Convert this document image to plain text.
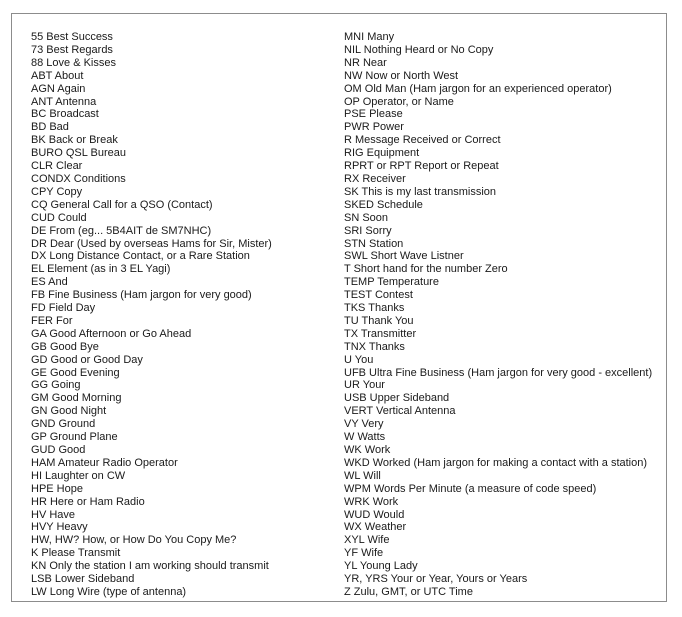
55 Best Success
73 Best Regards
88 Love & Kisses
ABT About
AGN Again
ANT Antenna
BC Broadcast
BD Bad
BK Back or Break
BURO QSL Bureau
CLR Clear
CONDX Conditions
CPY Copy
CQ General Call for a QSO (Contact)
CUD Could
DE From (eg... 5B4AIT de SM7NHC)
DR Dear (Used by overseas Hams for Sir, Mister)
DX Long Distance Contact, or a Rare Station
EL Element (as in 3 EL Yagi)
ES And
FB Fine Business (Ham jargon for very good)
FD Field Day
FER For
GA Good Afternoon or Go Ahead
GB Good Bye
GD Good or Good Day
GE Good Evening
GG Going
GM Good Morning
GN Good Night
GND Ground
GP Ground Plane
GUD Good
HAM Amateur Radio Operator
HI Laughter on CW
HPE Hope
HR Here or Ham Radio
HV Have
HVY Heavy
HW, HW? How, or How Do You Copy Me?
K Please Transmit
KN Only the station I am working should transmit
LSB Lower Sideband
LW Long Wire (type of antenna)
MNI Many
NIL Nothing Heard or No Copy
NR Near
NW Now or North West
OM Old Man (Ham jargon for an experienced operator)
OP Operator, or Name
PSE Please
PWR Power
R Message Received or Correct
RIG Equipment
RPRT or RPT Report or Repeat
RX Receiver
SK This is my last transmission
SKED Schedule
SN Soon
SRI Sorry
STN Station
SWL Short Wave Listner
T Short hand for the number Zero
TEMP Temperature
TEST Contest
TKS Thanks
TU Thank You
TX Transmitter
TNX Thanks
U You
UFB Ultra Fine Business (Ham jargon for very good - excellent)
UR Your
USB Upper Sideband
VERT Vertical Antenna
VY Very
W Watts
WK Work
WKD Worked (Ham jargon for making a contact with a station)
WL Will
WPM Words Per Minute (a measure of code speed)
WRK Work
WUD Would
WX Weather
XYL Wife
YF Wife
YL Young Lady
YR, YRS Your or Year, Yours or Years
Z Zulu, GMT, or UTC Time
